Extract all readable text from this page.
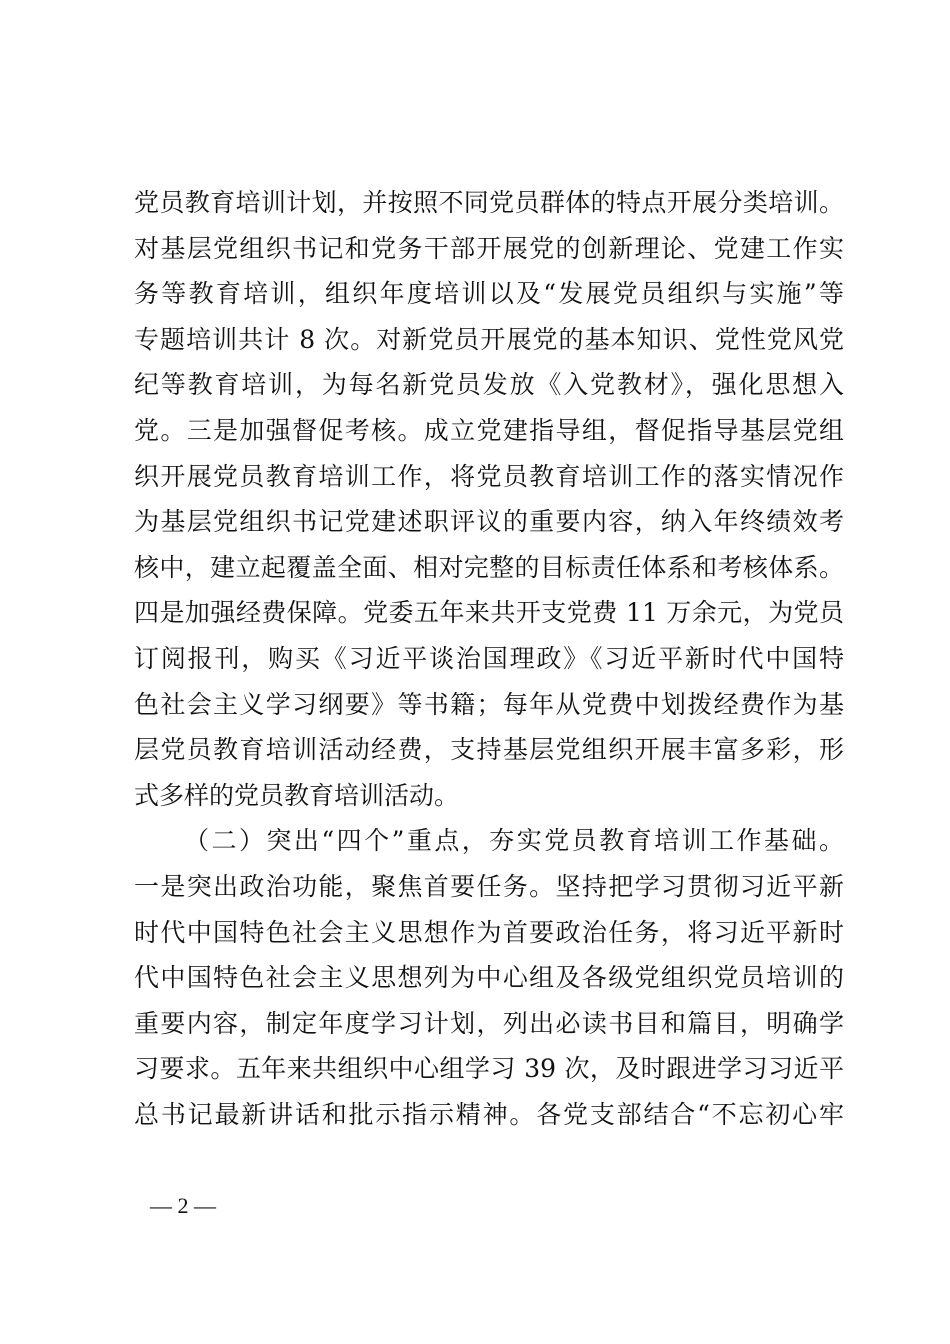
党员教育培训计划，并按照不同党员群体的特点开展分类培训。
对基层党组织书记和党务干部开展党的创新理论、党建工作实
务等教育培训，组织年度培训以及“发展党员组织与实施”等
专题培训共计 8 次。对新党员开展党的基本知识、党性党风党
纪等教育培训，为每名新党员发放《入党教材》，强化思想入
党。三是加强督促考核。成立党建指导组，督促指导基层党组
织开展党员教育培训工作，将党员教育培训工作的落实情况作
为基层党组织书记党建述职评议的重要内容，纳入年终绩效考
核中，建立起覆盖全面、相对完整的目标责任体系和考核体系。
四是加强经费保障。党委五年来共开支党费 11 万余元，为党员
订阅报刊，购买《习近平谈治国理政》《习近平新时代中国特
色社会主义学习纲要》等书籍；每年从党费中划拨经费作为基
层党员教育培训活动经费，支持基层党组织开展丰富多彩，形
式多样的党员教育培训活动。
（二）突出“四个”重点，夯实党员教育培训工作基础。
一是突出政治功能，聚焦首要任务。坚持把学习贯彻习近平新
时代中国特色社会主义思想作为首要政治任务，将习近平新时
代中国特色社会主义思想列为中心组及各级党组织党员培训的
重要内容，制定年度学习计划，列出必读书目和篇目，明确学
习要求。五年来共组织中心组学习 39 次，及时跟进学习习近平
总书记最新讲话和批示指示精神。各党支部结合“不忘初心牢
— 2 —
